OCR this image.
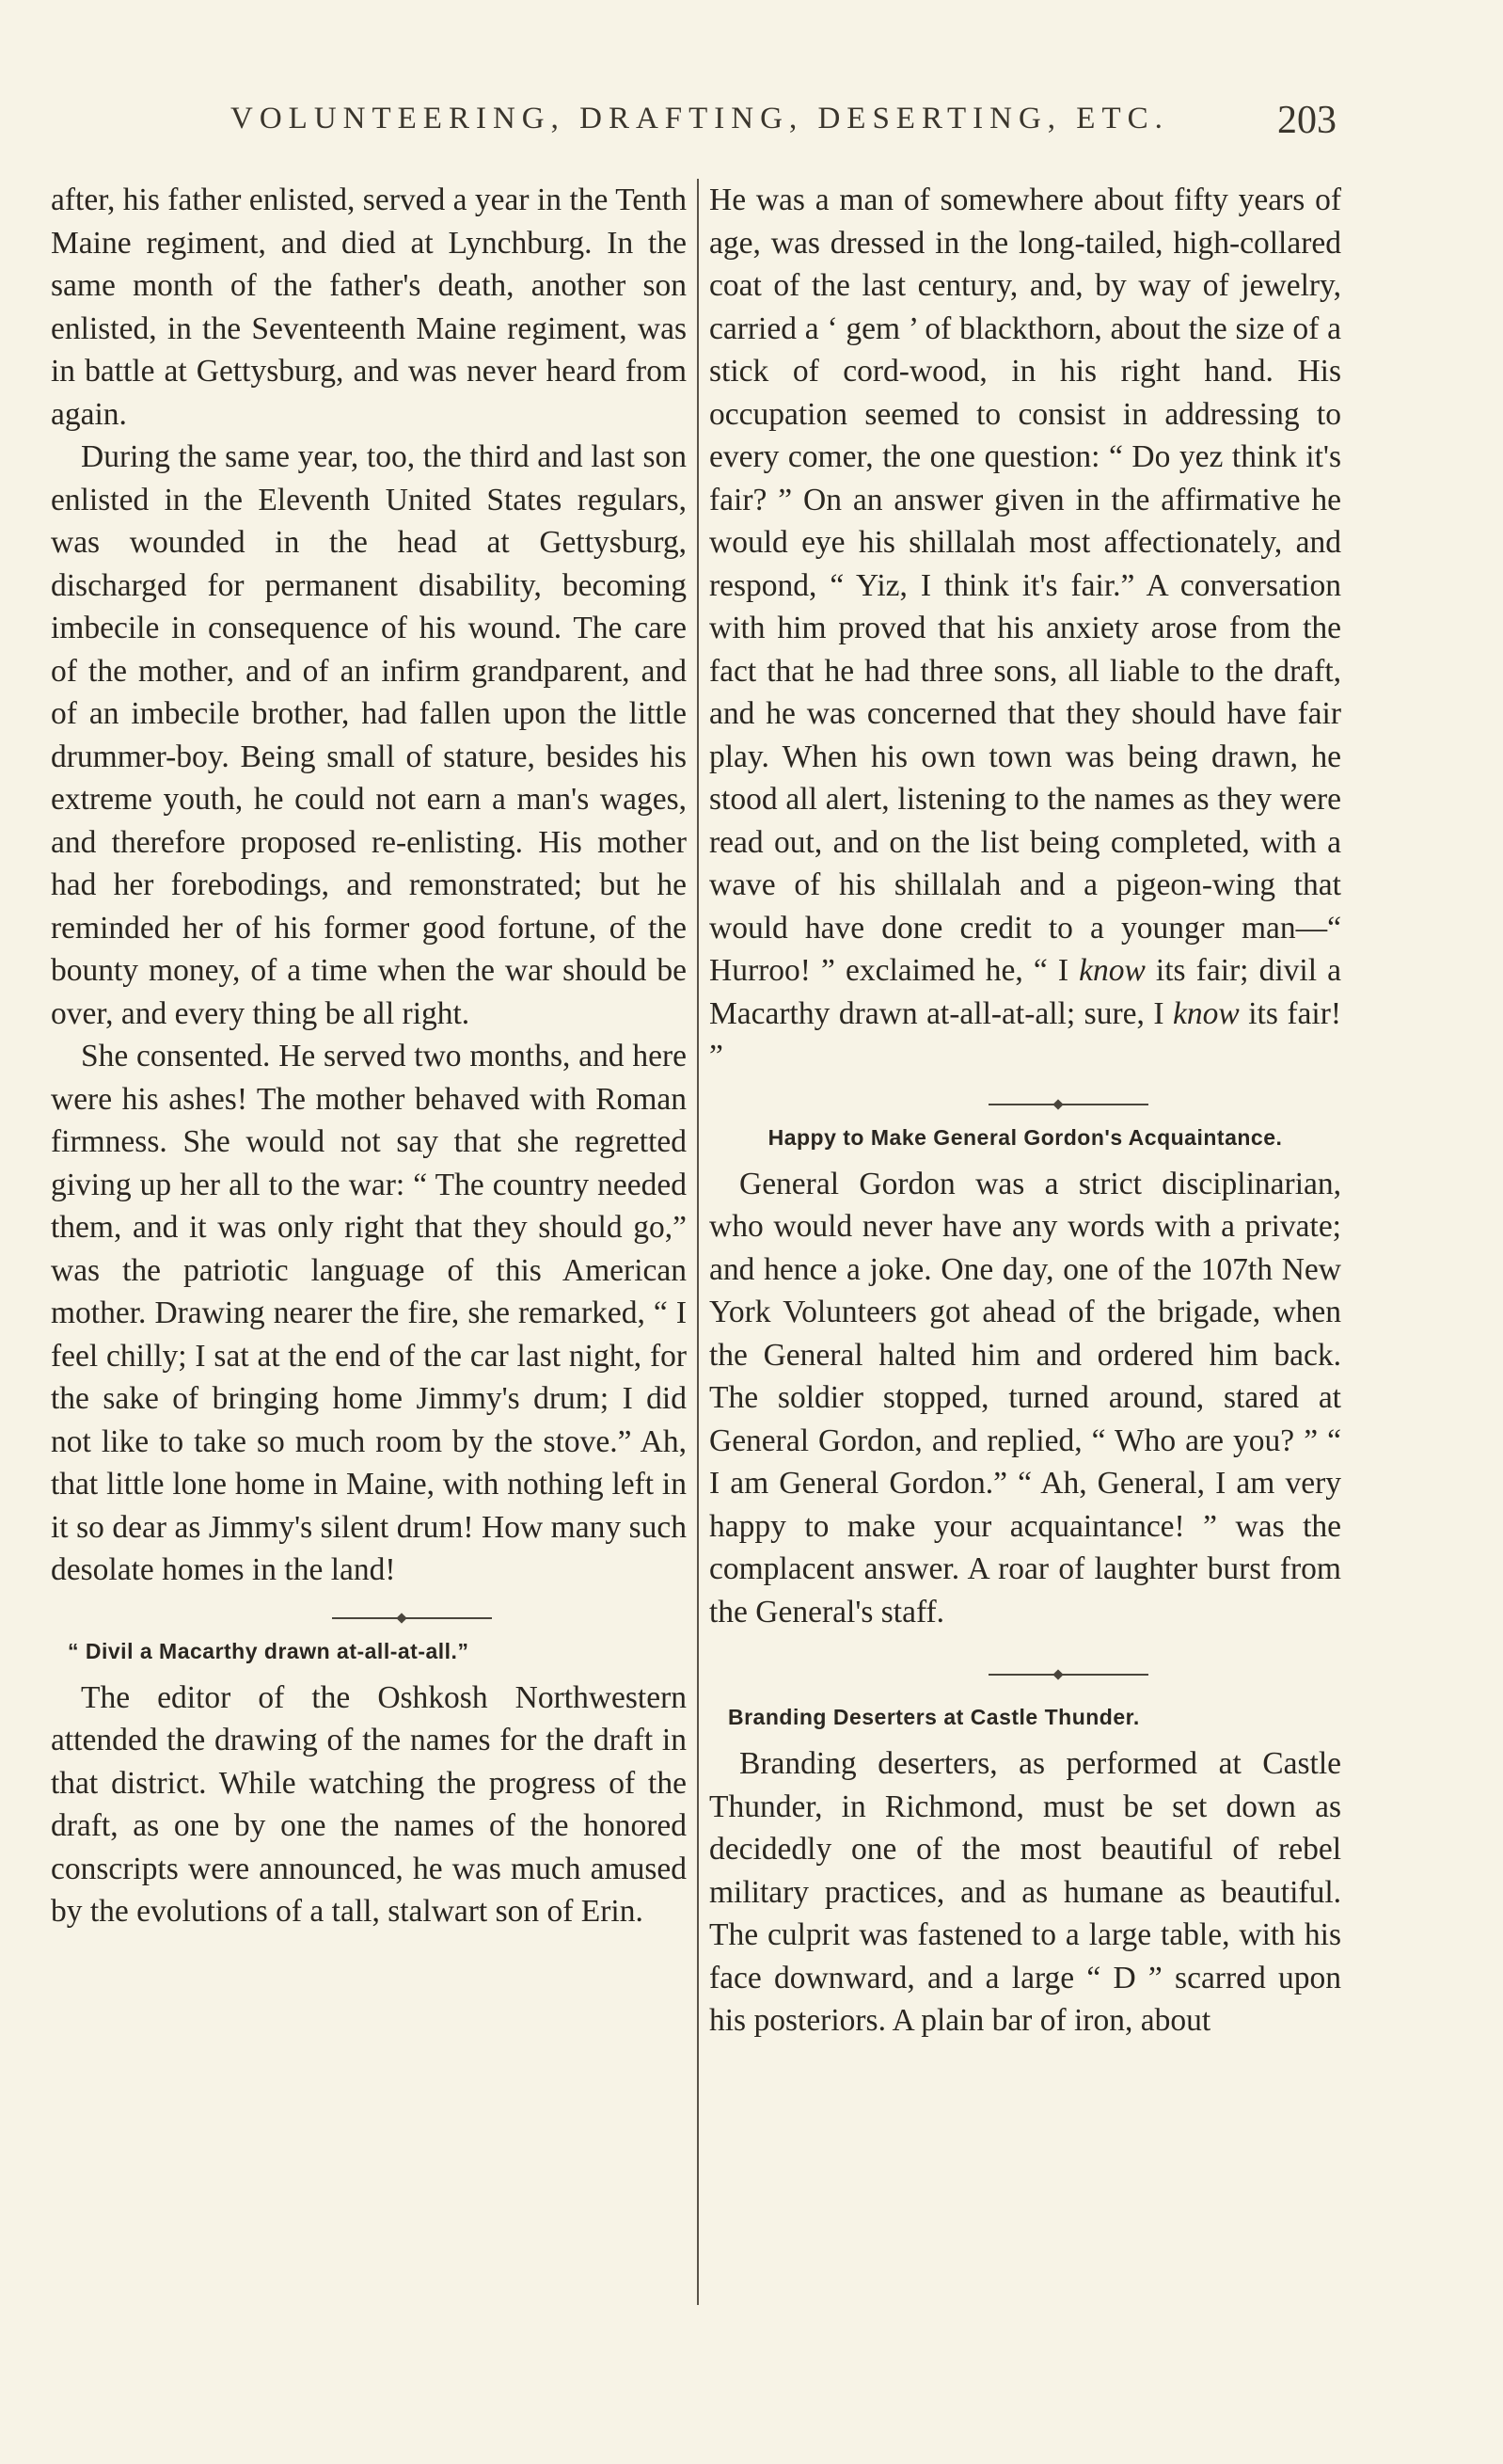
VOLUNTEERING, DRAFTING, DESERTING, ETC.	203

after, his father enlisted, served a year in the Tenth Maine regiment, and died at Lynchburg. In the same month of the father's death, another son enlisted, in the Seventeenth Maine regiment, was in battle at Gettysburg, and was never heard from again.

During the same year, too, the third and last son enlisted in the Eleventh United States regulars, was wounded in the head at Gettysburg, discharged for permanent disability, becoming imbecile in consequence of his wound. The care of the mother, and of an infirm grandparent, and of an imbecile brother, had fallen upon the little drummer-boy. Being small of stature, besides his extreme youth, he could not earn a man's wages, and therefore proposed re-enlisting. His mother had her forebodings, and remonstrated; but he reminded her of his former good fortune, of the bounty money, of a time when the war should be over, and every thing be all right.

She consented. He served two months, and here were his ashes! The mother behaved with Roman firmness. She would not say that she regretted giving up her all to the war: “ The country needed them, and it was only right that they should go,” was the patriotic language of this American mother. Drawing nearer the fire, she remarked, “ I feel chilly; I sat at the end of the car last night, for the sake of bringing home Jimmy's drum; I did not like to take so much room by the stove.” Ah, that little lone home in Maine, with nothing left in it so dear as Jimmy's silent drum! How many such desolate homes in the land!

“ Divil a Macarthy drawn at-all-at-all.”

The editor of the Oshkosh Northwestern attended the drawing of the names for the draft in that district. While watching the progress of the draft, as one by one the names of the honored conscripts were announced, he was much amused by the evolutions of a tall, stalwart son of Erin.

He was a man of somewhere about fifty years of age, was dressed in the long-tailed, high-collared coat of the last century, and, by way of jewelry, carried a ‘ gem ’ of blackthorn, about the size of a stick of cord-wood, in his right hand. His occupation seemed to consist in addressing to every comer, the one question: “ Do yez think it's fair? ” On an answer given in the affirmative he would eye his shillalah most affectionately, and respond, “ Yiz, I think it's fair.” A conversation with him proved that his anxiety arose from the fact that he had three sons, all liable to the draft, and he was concerned that they should have fair play. When his own town was being drawn, he stood all alert, listening to the names as they were read out, and on the list being completed, with a wave of his shillalah and a pigeon-wing that would have done credit to a younger man—“ Hurroo! ” exclaimed he, “ I know its fair; divil a Macarthy drawn at-all-at-all; sure, I know its fair! ”

Happy to Make General Gordon's Acquaintance.

General Gordon was a strict disciplinarian, who would never have any words with a private; and hence a joke. One day, one of the 107th New York Volunteers got ahead of the brigade, when the General halted him and ordered him back. The soldier stopped, turned around, stared at General Gordon, and replied, “ Who are you? ” “ I am General Gordon.” “ Ah, General, I am very happy to make your acquaintance! ” was the complacent answer. A roar of laughter burst from the General's staff.

Branding Deserters at Castle Thunder.

Branding deserters, as performed at Castle Thunder, in Richmond, must be set down as decidedly one of the most beautiful of rebel military practices, and as humane as beautiful. The culprit was fastened to a large table, with his face downward, and a large “ D ” scarred upon his posteriors. A plain bar of iron, about
